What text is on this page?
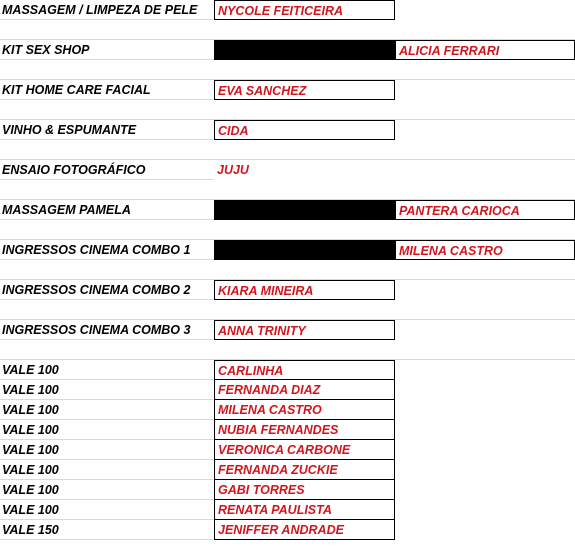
MASSAGEM / LIMPEZA DE PELE	NYCOLE FEITICEIRA
KIT SEX SHOP	ALICIA FERRARI
KIT HOME CARE FACIAL	EVA SANCHEZ
VINHO & ESPUMANTE	CIDA
ENSAIO FOTOGRÁFICO	JUJU
MASSAGEM PAMELA	PANTERA CARIOCA
INGRESSOS CINEMA COMBO 1	MILENA CASTRO
INGRESSOS CINEMA COMBO 2	KIARA MINEIRA
INGRESSOS CINEMA COMBO 3	ANNA TRINITY
VALE 100	CARLINHA
VALE 100	FERNANDA DIAZ
VALE 100	MILENA CASTRO
VALE 100	NUBIA FERNANDES
VALE 100	VERONICA CARBONE
VALE 100	FERNANDA ZUCKIE
VALE 100	GABI TORRES
VALE 100	RENATA PAULISTA
VALE 150	JENIFFER ANDRADE
